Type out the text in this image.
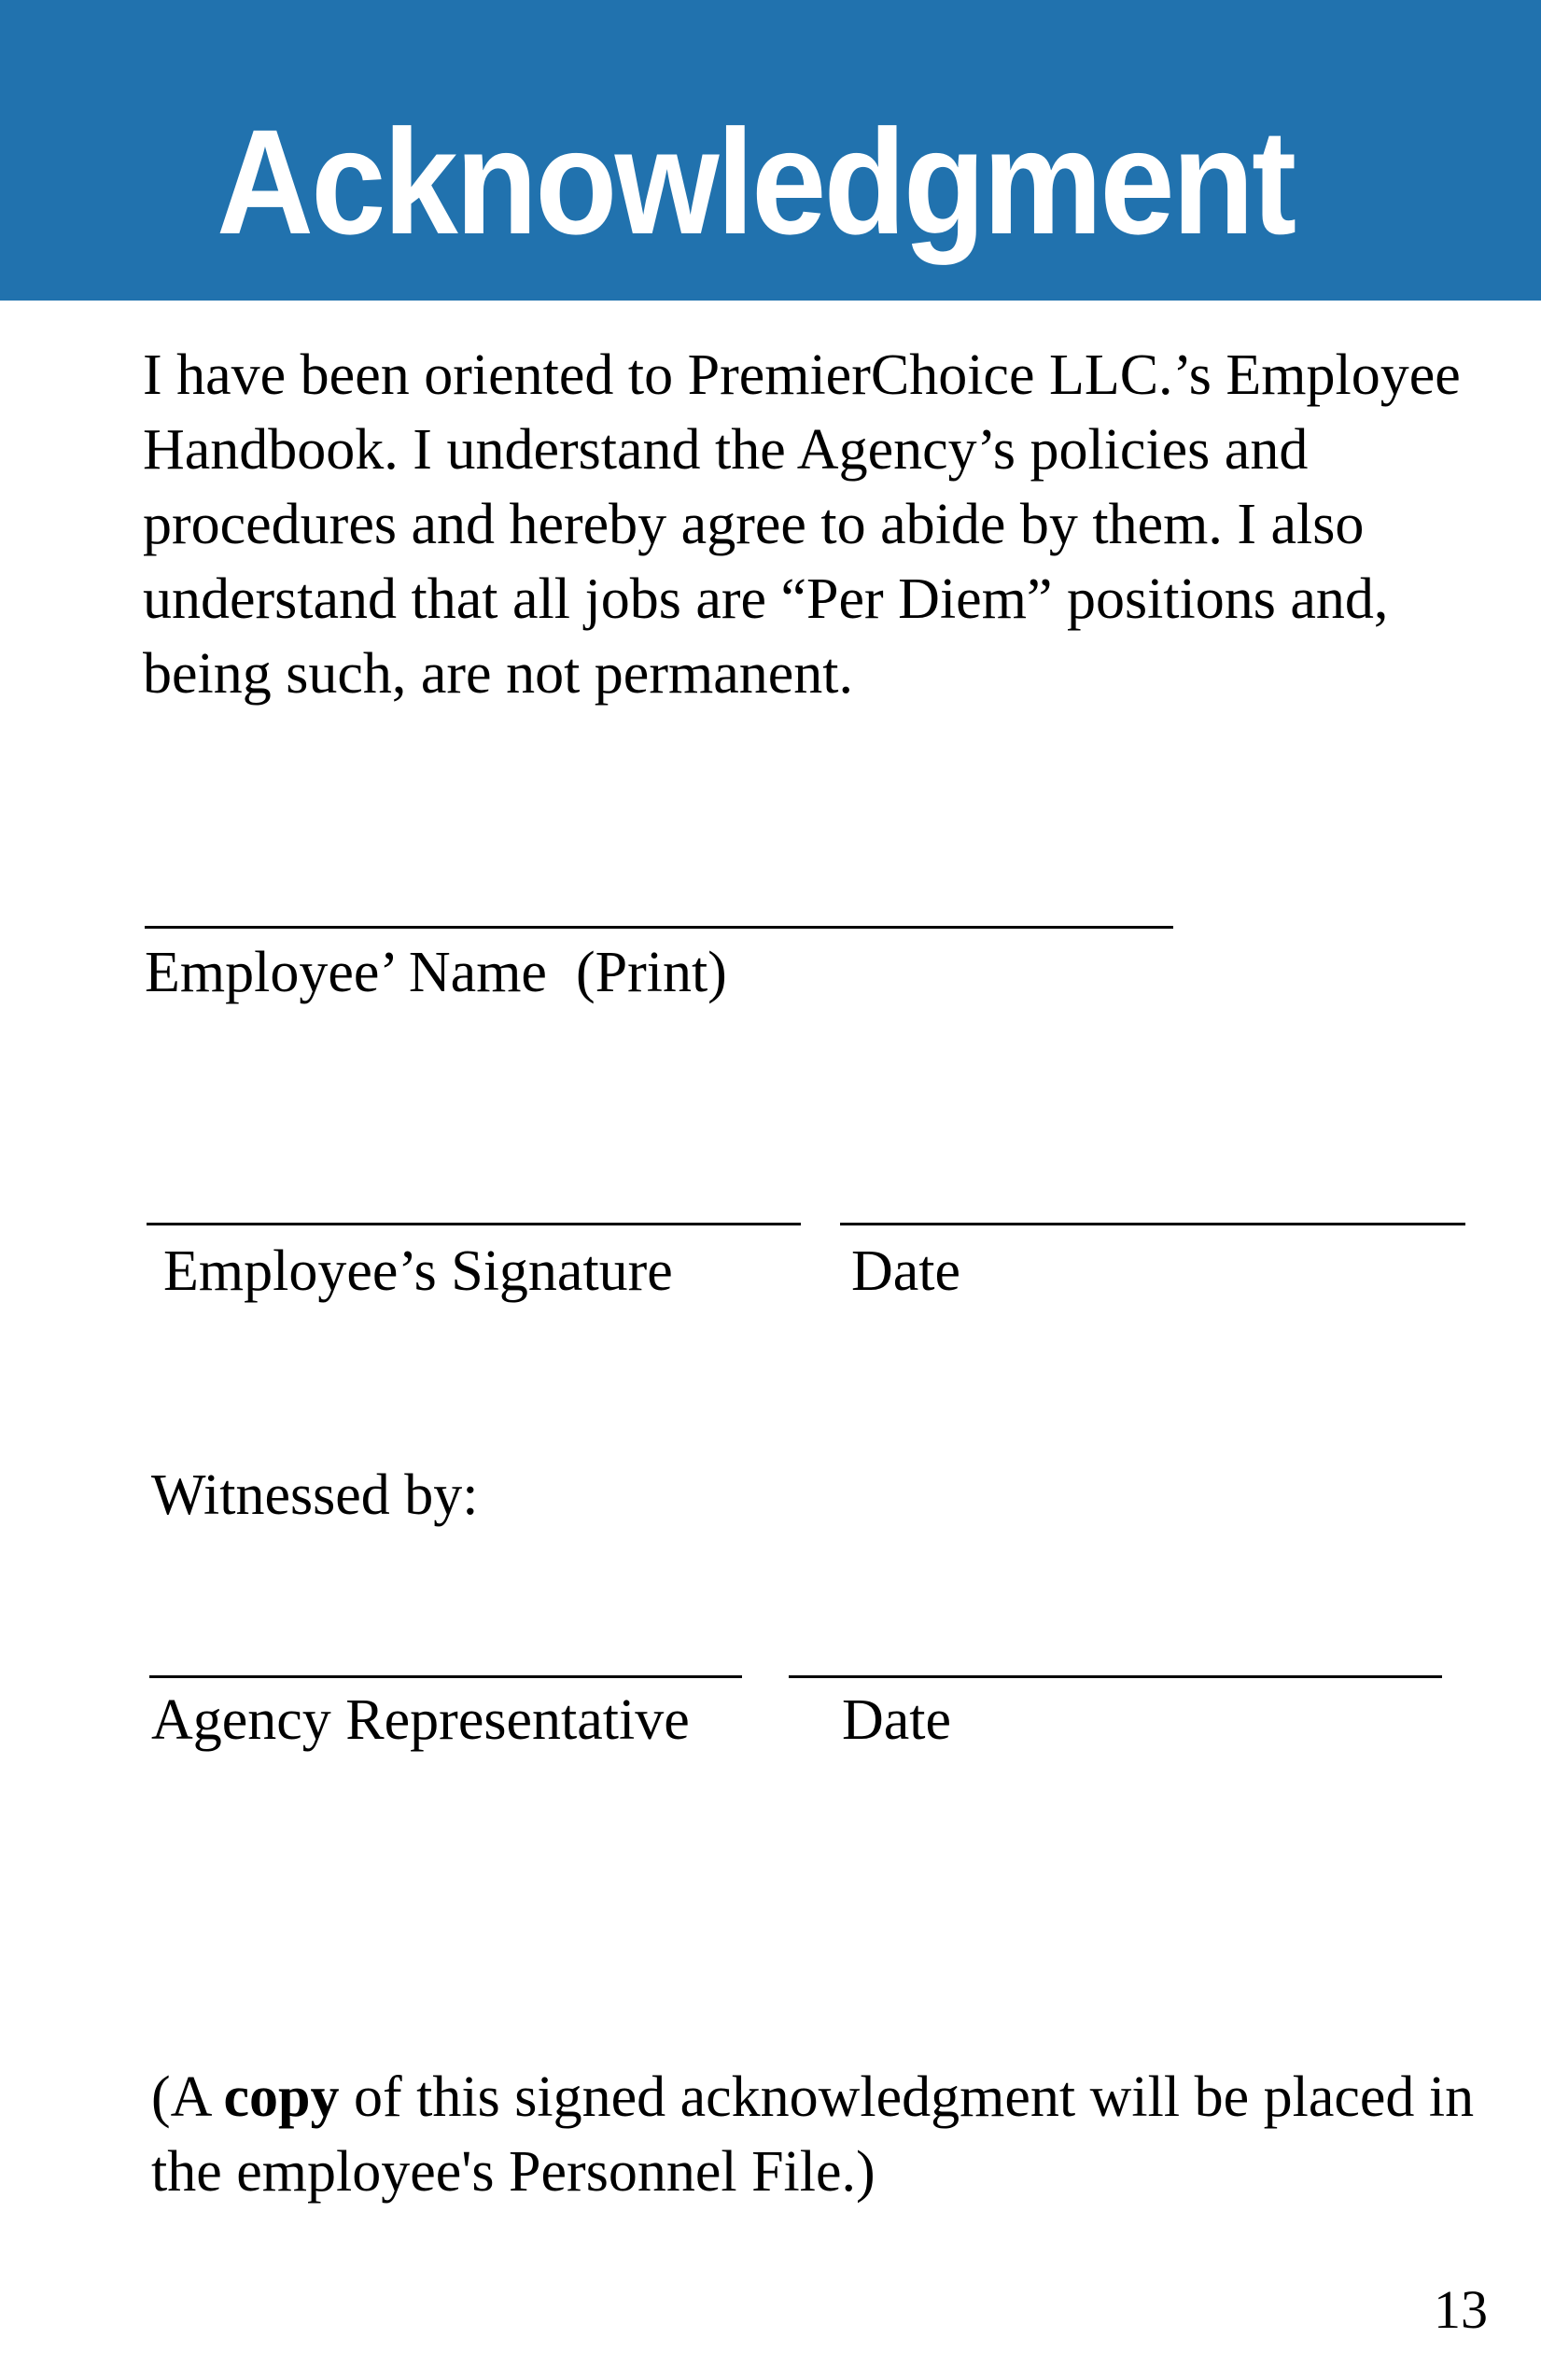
Acknowledgment

I have been oriented to PremierChoice LLC.’s Employee Handbook. I understand the Agency’s policies and procedures and hereby agree to abide by them. I also understand that all jobs are “Per Diem” positions and, being such, are not permanent.

Employee’ Name  (Print)

Employee’s Signature	Date

Witnessed by:

Agency Representative	Date

(A copy of this signed acknowledgment will be placed in the employee's Personnel File.)

13
